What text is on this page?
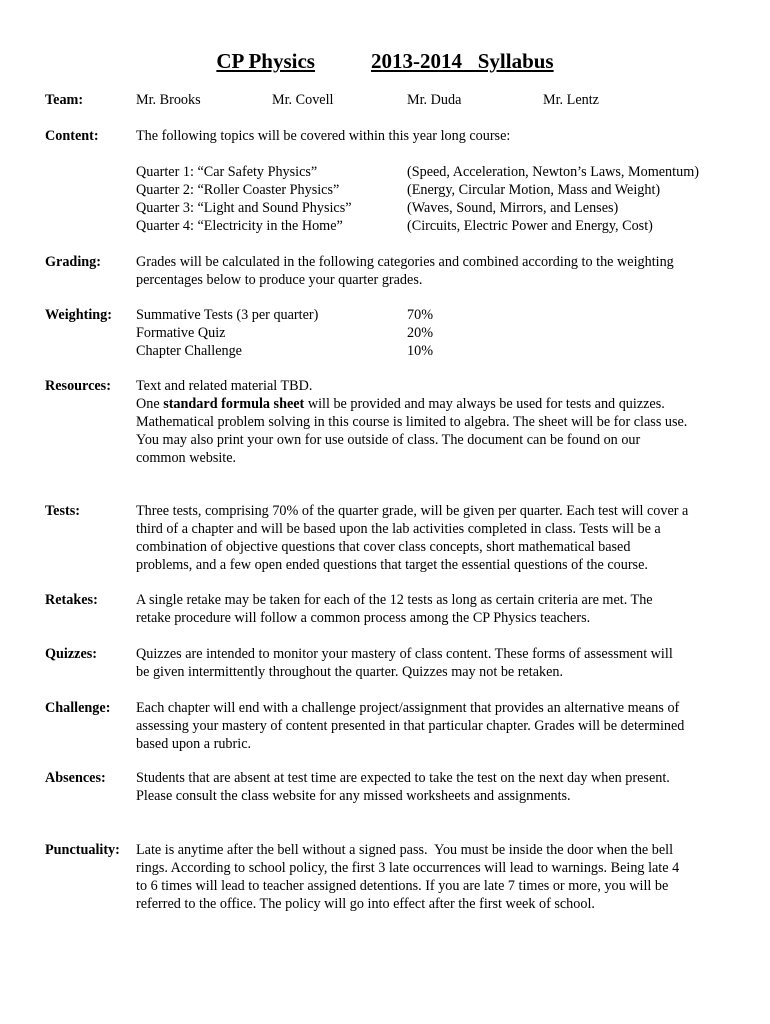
CP Physics	2013-2014   Syllabus
Team:	Mr. Brooks	Mr. Covell	Mr. Duda	Mr. Lentz
Content:	The following topics will be covered within this year long course:
Quarter 1: “Car Safety Physics”	(Speed, Acceleration, Newton’s Laws, Momentum)
Quarter 2: “Roller Coaster Physics”	(Energy, Circular Motion, Mass and Weight)
Quarter 3: “Light and Sound Physics”	(Waves, Sound, Mirrors, and Lenses)
Quarter 4: “Electricity in the Home”	(Circuits, Electric Power and Energy, Cost)
Grading: Grades will be calculated in the following categories and combined according to the weighting
percentages below to produce your quarter grades.
Weighting: Summative Tests (3 per quarter)	70%
Formative Quiz	20%
Chapter Challenge	10%
Resources: Text and related material TBD.
One standard formula sheet will be provided and may always be used for tests and quizzes.
Mathematical problem solving in this course is limited to algebra. The sheet will be for class use.
You may also print your own for use outside of class. The document can be found on our
common website.
Tests:	Three tests, comprising 70% of the quarter grade, will be given per quarter. Each test will cover a
third of a chapter and will be based upon the lab activities completed in class. Tests will be a
combination of objective questions that cover class concepts, short mathematical based
problems, and a few open ended questions that target the essential questions of the course.
Retakes:	A single retake may be taken for each of the 12 tests as long as certain criteria are met. The
retake procedure will follow a common process among the CP Physics teachers.
Quizzes:	Quizzes are intended to monitor your mastery of class content. These forms of assessment will
be given intermittently throughout the quarter. Quizzes may not be retaken.
Challenge: Each chapter will end with a challenge project/assignment that provides an alternative means of
assessing your mastery of content presented in that particular chapter. Grades will be determined
based upon a rubric.
Absences: Students that are absent at test time are expected to take the test on the next day when present.
Please consult the class website for any missed worksheets and assignments.
Punctuality: Late is anytime after the bell without a signed pass.  You must be inside the door when the bell
rings. According to school policy, the first 3 late occurrences will lead to warnings. Being late 4
to 6 times will lead to teacher assigned detentions. If you are late 7 times or more, you will be
referred to the office. The policy will go into effect after the first week of school.
